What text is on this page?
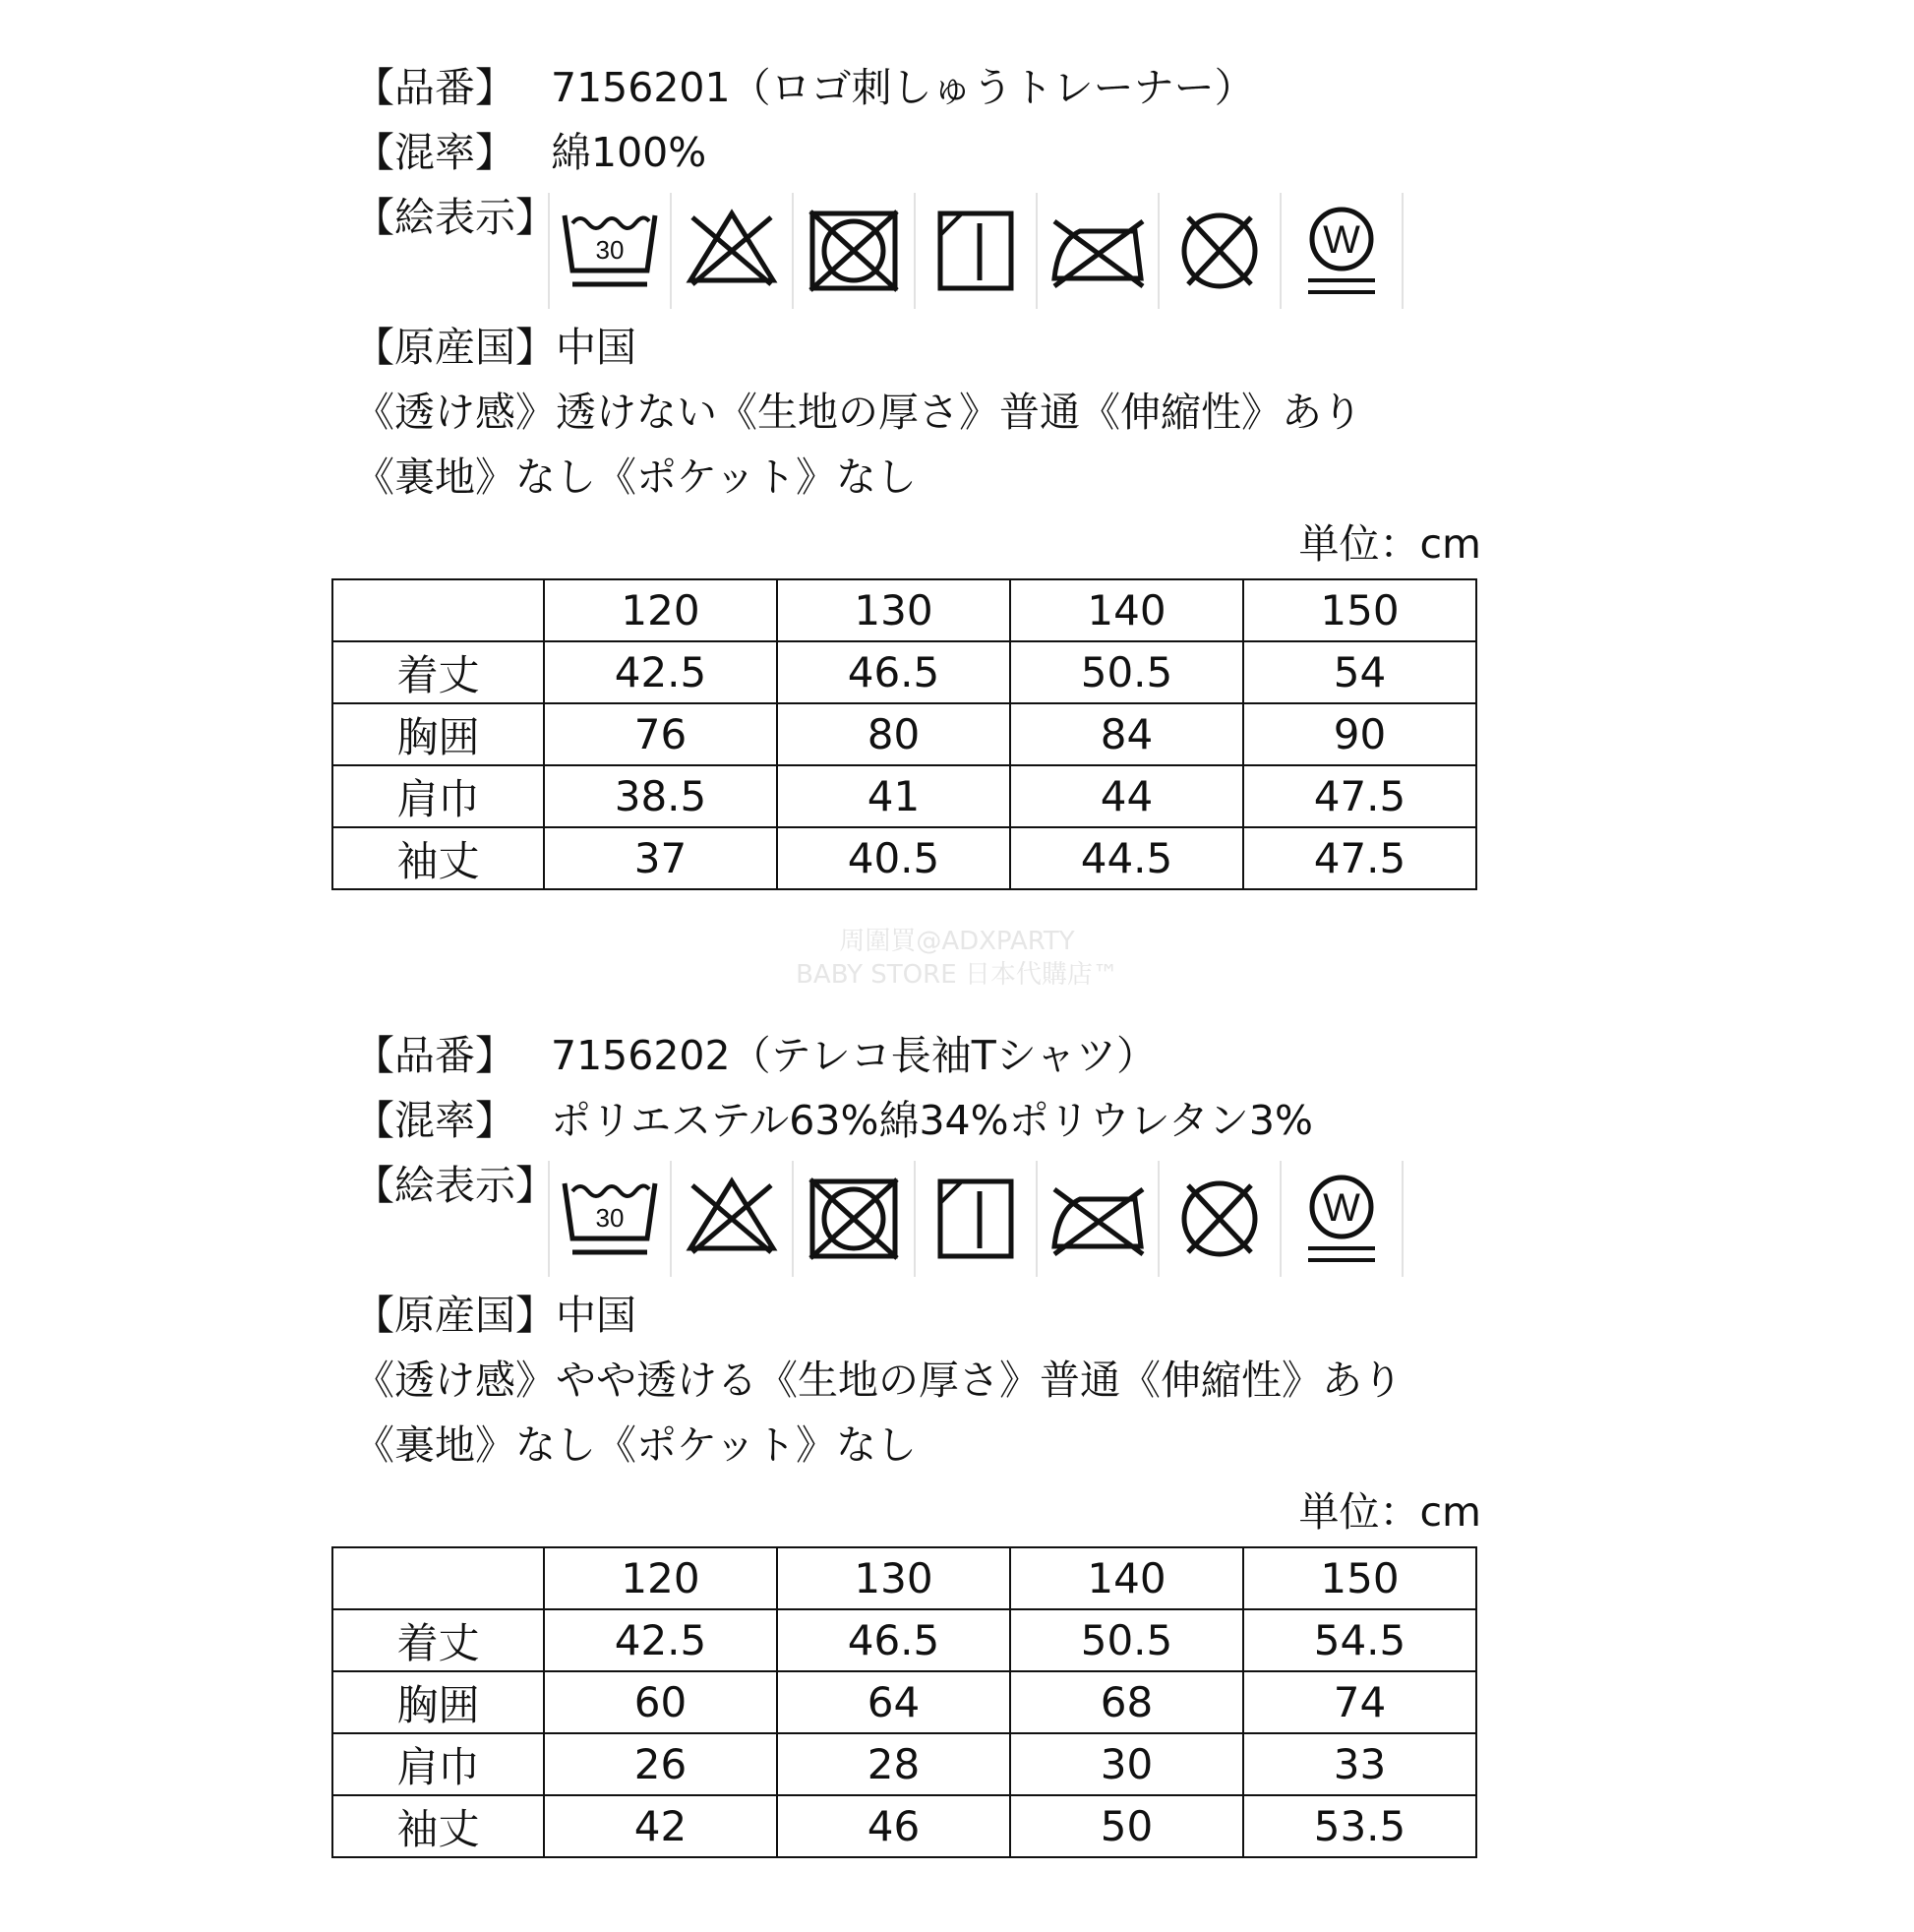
【品番】 7156201（ロゴ刺しゅうトレーナー）
【混率】 綿100%
【絵表示】
30	W
【原産国】中国
《透け感》透けない《生地の厚さ》普通《伸縮性》あり
《裏地》なし《ポケット》なし
単位：cm
	120	130	140	150
着丈	42.5	46.5	50.5	54
胸囲	76	80	84	90
肩巾	38.5	41	44	47.5
袖丈	37	40.5	44.5	47.5
周圍買@ADXPARTY
BABY STORE 日本代購店™
【品番】 7156202（テレコ長袖Tシャツ）
【混率】 ポリエステル63%綿34%ポリウレタン3%
【絵表示】
30	W
【原産国】中国
《透け感》やや透ける《生地の厚さ》普通《伸縮性》あり
《裏地》なし《ポケット》なし
単位：cm
	120	130	140	150
着丈	42.5	46.5	50.5	54.5
胸囲	60	64	68	74
肩巾	26	28	30	33
袖丈	42	46	50	53.5
